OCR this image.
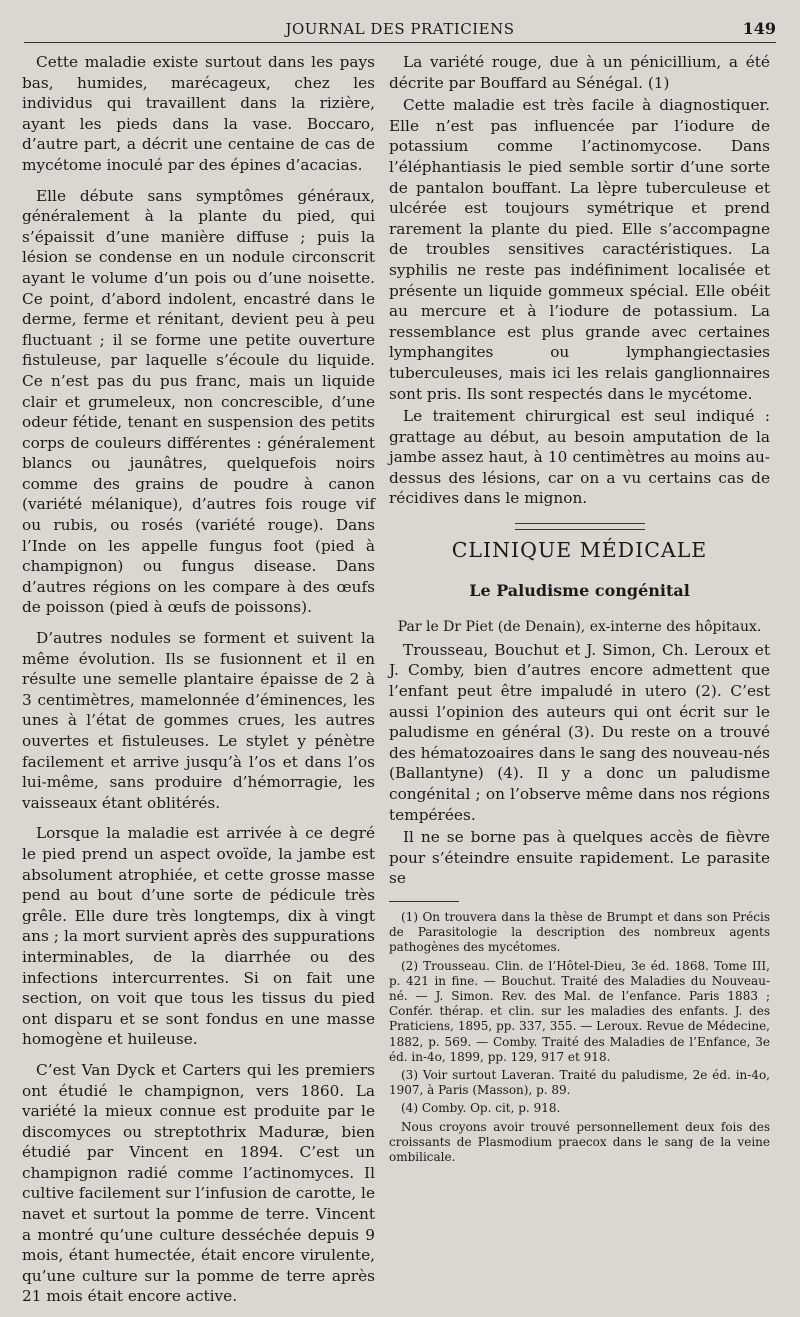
JOURNAL DES PRATICIENS	149

Cette maladie existe surtout dans les pays bas, humides, marécageux, chez les individus qui travaillent dans la rizière, ayant les pieds dans la vase. Boccaro, d’autre part, a décrit une centaine de cas de mycétome inoculé par des épines d’acacias.

Elle débute sans symptômes généraux, généralement à la plante du pied, qui s’épaissit d’une manière diffuse ; puis la lésion se condense en un nodule circonscrit ayant le volume d’un pois ou d’une noisette. Ce point, d’abord indolent, encastré dans le derme, ferme et rénitant, devient peu à peu fluctuant ; il se forme une petite ouverture fistuleuse, par laquelle s’écoule du liquide. Ce n’est pas du pus franc, mais un liquide clair et grumeleux, non concrescible, d’une odeur fétide, tenant en suspension des petits corps de couleurs différentes : généralement blancs ou jaunâtres, quelquefois noirs comme des grains de poudre à canon (variété mélanique), d’autres fois rouge vif ou rubis, ou rosés (variété rouge). Dans l’Inde on les appelle fungus foot (pied à champignon) ou fungus disease. Dans d’autres régions on les compare à des œufs de poisson (pied à œufs de poissons).

D’autres nodules se forment et suivent la même évolution. Ils se fusionnent et il en résulte une semelle plantaire épaisse de 2 à 3 centimètres, mamelonnée d’éminences, les unes à l’état de gommes crues, les autres ouvertes et fistuleuses. Le stylet y pénètre facilement et arrive jusqu’à l’os et dans l’os lui-même, sans produire d’hémorragie, les vaisseaux étant oblitérés.

Lorsque la maladie est arrivée à ce degré le pied prend un aspect ovoïde, la jambe est absolument atrophiée, et cette grosse masse pend au bout d’une sorte de pédicule très grêle. Elle dure très longtemps, dix à vingt ans ; la mort survient après des suppurations interminables, de la diarrhée ou des infections intercurrentes. Si on fait une section, on voit que tous les tissus du pied ont disparu et se sont fondus en une masse homogène et huileuse.

C’est Van Dyck et Carters qui les premiers ont étudié le champignon, vers 1860. La variété la mieux connue est produite par le discomyces ou streptothrix Maduræ, bien étudié par Vincent en 1894. C’est un champignon radié comme l’actinomyces. Il cultive facilement sur l’infusion de carotte, le navet et surtout la pomme de terre. Vincent a montré qu’une culture desséchée depuis 9 mois, étant humectée, était encore virulente, qu’une culture sur la pomme de terre après 21 mois était encore active.

La variété rouge, due à un pénicillium, a été décrite par Bouffard au Sénégal. (1)

Cette maladie est très facile à diagnostiquer. Elle n’est pas influencée par l’iodure de potassium comme l’actinomycose. Dans l’éléphantiasis le pied semble sortir d’une sorte de pantalon bouffant. La lèpre tuberculeuse et ulcérée est toujours symétrique et prend rarement la plante du pied. Elle s’accompagne de troubles sensitives caractéristiques. La syphilis ne reste pas indéfiniment localisée et présente un liquide gommeux spécial. Elle obéit au mercure et à l’iodure de potassium. La ressemblance est plus grande avec certaines lymphangites ou lymphangiectasies tuberculeuses, mais ici les relais ganglionnaires sont pris. Ils sont respectés dans le mycétome.

Le traitement chirurgical est seul indiqué : grattage au début, au besoin amputation de la jambe assez haut, à 10 centimètres au moins au-dessus des lésions, car on a vu certains cas de récidives dans le mignon.

CLINIQUE MÉDICALE
Le Paludisme congénital

Par le Dr Piet (de Denain), ex-interne des hôpitaux.

Trousseau, Bouchut et J. Simon, Ch. Leroux et J. Comby, bien d’autres encore admettent que l’enfant peut être impaludé in utero (2). C’est aussi l’opinion des auteurs qui ont écrit sur le paludisme en général (3). Du reste on a trouvé des hématozoaires dans le sang des nouveau-nés (Ballantyne) (4). Il y a donc un paludisme congénital ; on l’observe même dans nos régions tempérées.

Il ne se borne pas à quelques accès de fièvre pour s’éteindre ensuite rapidement. Le parasite se

(1) On trouvera dans la thèse de Brumpt et dans son Précis de Parasitologie la description des nombreux agents pathogènes des mycétomes.
(2) Trousseau. Clin. de l’Hôtel-Dieu, 3e éd. 1868. Tome III, p. 421 in fine. — Bouchut. Traité des Maladies du Nouveau-né. — J. Simon. Rev. des Mal. de l’enfance. Paris 1883 ; Confér. thérap. et clin. sur les maladies des enfants. J. des Praticiens, 1895, pp. 337, 355. — Leroux. Revue de Médecine, 1882, p. 569. — Comby. Traité des Maladies de l’Enfance, 3e éd. in-4o, 1899, pp. 129, 917 et 918.
(3) Voir surtout Laveran. Traité du paludisme, 2e éd. in-4o, 1907, à Paris (Masson), p. 89.
(4) Comby. Op. cit, p. 918.
Nous croyons avoir trouvé personnellement deux fois des croissants de Plasmodium praecox dans le sang de la veine ombilicale.
